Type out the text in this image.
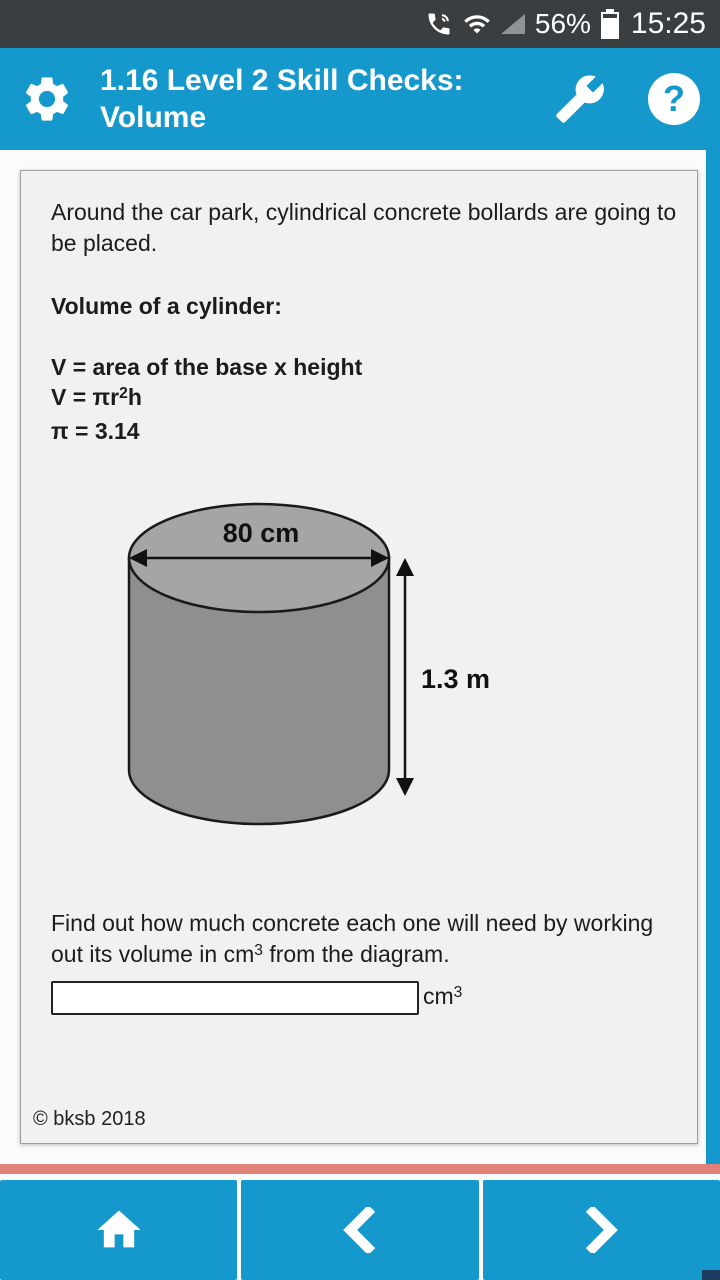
56% 15:25
1.16 Level 2 Skill Checks: Volume	?

Around the car park, cylindrical concrete bollards are going to be placed.

Volume of a cylinder:

V = area of the base x height

$V = \pi r^2h$

π = 3.14

80 cm
1.3 m

Find out how much concrete each one will need by working out its volume in $cm^3$ from the diagram.

$cm^3$
© bksb 2018
